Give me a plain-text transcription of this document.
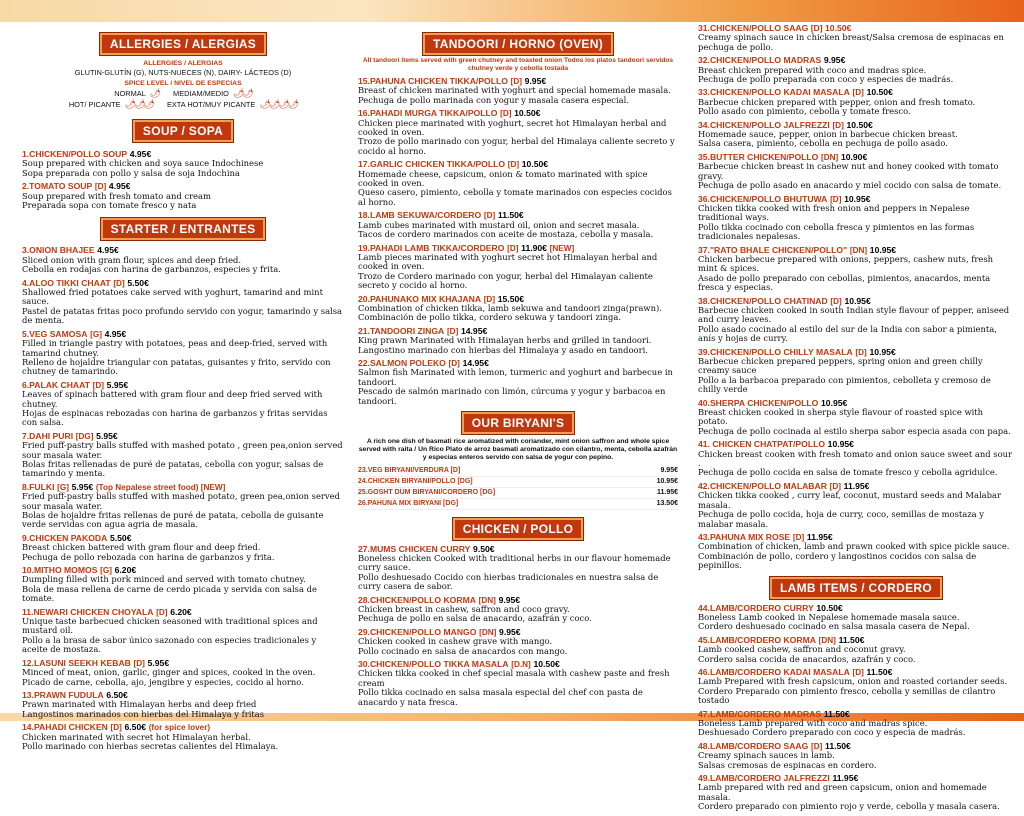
ALLERGIES / ALERGIAS
ALLERGIES / ALERGIAS
GLUTIN-GLUTÍN (G), NUTS-NUECES (N), DAIRY- LÁCTEOS (D)
SPICE LEVEL / NIVEL DE ESPECIAS
NORMAL 🌶 MEDIAM/MEDIO 🌶🌶
HOT/ PICANTE 🌶🌶🌶 EXTA HOT/MUY PICANTE 🌶🌶🌶🌶
SOUP / SOPA
1.CHICKEN/POLLO SOUP 4.95€
Soup prepared with chicken and soya sauce Indochinese
Sopa preparada con pollo y salsa de soja Indochina
2.TOMATO SOUP [D] 4.95€
Soup prepared with fresh tomato and cream
Preparada sopa con tomate fresco y nata
STARTER / ENTRANTES
3.ONION BHAJEE 4.95€
Sliced onion with gram flour, spices and deep fried.
Cebolla en rodajas con harina de garbanzos, especies y frita.
4.ALOO TIKKI CHAAT [D] 5.50€
Shallowed fried potatoes cake served with yoghurt, tamarind and mint sauce.
Pastel de patatas fritas poco profundo servido con yogur, tamarindo y salsa de menta.
5.VEG SAMOSA [G] 4.95€
Filled in triangle pastry with potatoes, peas and deep-fried, served with tamarind chutney.
Relleno de hojaldre triangular con patatas, guisantes y frito, servido con chutney de tamarindo.
6.PALAK CHAAT [D] 5.95€
Leaves of spinach battered with gram flour and deep fried served with chutney.
Hojas de espinacas rebozadas con harina de garbanzos y fritas servidas con salsa.
7.DAHI PURI [DG] 5.95€
Fried puff-pastry balls stuffed with mashed potato , green pea,onion served sour masala water.
Bolas fritas rellenadas de puré de patatas, cebolla con yogur, salsas de tamarindo y menta.
8.FULKI [G] 5.95€ (Top Nepalese street food) [NEW]
Fried puff-pastry balls stuffed with mashed potato, green pea,onion served sour masala water.
Bolas de hojaldre fritas rellenas de puré de patata, cebolla de guisante verde servidas con agua agria de masala.
9.CHICKEN PAKODA 5.50€
Breast chicken battered with gram flour and deep fried.
Pechuga de pollo rebozada con harina de garbanzos y frita.
10.MITHO MOMOS [G] 6.20€
Dumpling filled with pork minced and served with tomato chutney.
Bola de masa rellena de carne de cerdo picada y servida con salsa de tomate.
11.NEWARI CHICKEN CHOYALA [D] 6.20€
Unique taste barbecued chicken seasoned with traditional spices and mustard oil.
Pollo a la brasa de sabor único sazonado con especies tradicionales y aceite de mostaza.
12.LASUNI SEEKH KEBAB [D] 5.95€
Minced of meat, onion, garlic, ginger and spices, cooked in the oven.
Picado de carne, cebolla, ajo, jengibre y especies, cocido al horno.
13.PRAWN FUDULA 6.50€
Prawn marinated with Himalayan herbs and deep fried
Langostinos marinados con hierbas del Himalaya y fritas
14.PAHADI CHICKEN [D] 6.50€ (for spice lover)
Chicken marinated with secret hot Himalayan herbal.
Pollo marinado con hierbas secretas calientes del Himalaya.
TANDOORI / HORNO (OVEN)
All tandoori items served with green chutney and toasted onion Todos los platos tandoori servidos chutney verde y cebolla tostada
15.PAHUNA CHICKEN TIKKA/POLLO [D] 9.95€
Breast of chicken marinated with yoghurt and special homemade masala.
Pechuga de pollo marinada con yogur y masala casera especial.
16.PAHADI MURGA TIKKA/POLLO [D] 10.50€
Chicken piece marinated with yoghurt, secret hot Himalayan herbal and cooked in oven.
Trozo de pollo marinado con yogur, herbal del Himalaya caliente secreto y cocido al horno.
17.GARLIC CHICKEN TIKKA/POLLO [D] 10.50€
Homemade cheese, capsicum, onion & tomato marinated with spice cooked in oven.
Queso casero, pimiento, cebolla y tomate marinados con especies cocidos al horno.
18.LAMB SEKUWA/CORDERO [D] 11.50€
Lamb cubes marinated with mustard oil, onion and secret masala.
Tacos de cordero marinados con aceite de mostaza, cebolla y masala.
19.PAHADI LAMB TIKKA/CORDERO [D] 11.90€ [NEW]
Lamb pieces marinated with yoghurt secret hot Himalayan herbal and cooked in oven.
Trozo de Cordero marinado con yogur, herbal del Himalayan caliente secreto y cocido al horno.
20.PAHUNAKO MIX KHAJANA [D] 15.50€
Combination of chicken tikka, lamb sekuwa and tandoori zinga(prawn).
Combinación de pollo tikka, cordero sekuwa y tandoori zinga.
21.TANDOORI ZINGA [D] 14.95€
King prawn Marinated with Himalayan herbs and grilled in tandoori.
Langostino marinado con hierbas del Himalaya y asado en tandoori.
22.SALMON POLEKO [D] 14.95€
Salmon fish Marinated with lemon, turmeric and yoghurt and barbecue in tandoori.
Pescado de salmón marinado con limón, cúrcuma y yogur y barbacoa en tandoori.
OUR BIRYANI'S
A rich one dish of basmati rice aromatized with coriander, mint onion saffron and whole spice served with raita / Un Rico Plato de arroz basmati aromatizado con cilantro, menta, cebolla azafrán y especias enteros servido con salsa de yogur con pepino.
23.VEG BIRYANI/VERDURA [D]	9.95€
24.CHICKEN BIRYANI/POLLO [DG]	10.95€
25.GOSHT DUM BIRYANI/CORDERO [DG]	11.95€
26.PAHUNA MIX BIRYANI [DG]	13.50€
CHICKEN / POLLO
27.MUMS CHICKEN CURRY 9.50€
Boneless chicken Cooked with traditional herbs in our flavour homemade curry sauce.
Pollo deshuesado Cocido con hierbas tradicionales en nuestra salsa de curry casera de sabor.
28.CHICKEN/POLLO KORMA [DN] 9.95€
Chicken breast in cashew, saffron and coco gravy.
Pechuga de pollo en salsa de anacardo, azafrán y coco.
29.CHICKEN/POLLO MANGO [DN] 9.95€
Chicken cooked in cashew grave with mango.
Pollo cocinado en salsa de anacardos con mango.
30.CHICKEN/POLLO TIKKA MASALA [D.N] 10.50€
Chicken tikka cooked in chef special masala with cashew paste and fresh cream
Pollo tikka cocinado en salsa masala especial del chef con pasta de anacardo y nata fresca.
31.CHICKEN/POLLO SAAG [D] 10.50€
Creamy spinach sauce in chicken breast/Salsa cremosa de espinacas en pechuga de pollo.
32.CHICKEN/POLLO MADRAS 9.95€
Breast chicken prepared with coco and madras spice.
Pechuga de pollo preparada con coco y especies de madrás.
33.CHICKEN/POLLO KADAI MASALA [D] 10.50€
Barbecue chicken prepared with pepper, onion and fresh tomato.
Pollo asado con pimiento, cebolla y tomate fresco.
34.CHICKEN/POLLO JALFREZZI [D] 10.50€
Homemade sauce, pepper, onion in barbecue chicken breast.
Salsa casera, pimiento, cebolla en pechuga de pollo asado.
35.BUTTER CHICKEN/POLLO [DN] 10.90€
Barbecue chicken breast in cashew nut and honey cooked with tomato gravy.
Pechuga de pollo asado en anacardo y miel cocido con salsa de tomate.
36.CHICKEN/POLLO BHUTUWA [D] 10.95€
Chicken tikka cooked with fresh onion and peppers in Nepalese traditional ways.
Pollo tikka cocinado con cebolla fresca y pimientos en las formas tradicionales nepalesas.
37."RATO BHALE CHICKEN/POLLO" [DN] 10.95€
Chicken barbecue prepared with onions, peppers, cashew nuts, fresh mint & spices.
Asado de pollo preparado con cebollas, pimientos, anacardos, menta fresca y especias.
38.CHICKEN/POLLO CHATINAD [D] 10.95€
Barbecue chicken cooked in south Indian style flavour of pepper, aniseed and curry leaves.
Pollo asado cocinado al estilo del sur de la India con sabor a pimienta, anís y hojas de curry.
39.CHICKEN/POLLO CHILLY MASALA [D] 10.95€
Barbecue chicken prepared peppers, spring onion and green chilly creamy sauce
Pollo a la barbacoa preparado con pimientos, cebolleta y cremoso de chilly verde
40.SHERPA CHICKEN/POLLO 10.95€
Breast chicken cooked in sherpa style flavour of roasted spice with potato.
Pechuga de pollo cocinada al estilo sherpa sabor especia asada con papa.
41. CHICKEN CHATPAT/POLLO 10.95€
Chicken breast cooken with fresh tomato and onion sauce sweet and sour .
Pechuga de pollo cocida en salsa de tomate fresco y cebolla agridulce.
42.CHICKEN/POLLO MALABAR [D] 11.95€
Chicken tikka cooked , curry leaf, coconut, mustard seeds and Malabar masala.
Pechuga de pollo cocida, hoja de curry, coco, semillas de mostaza y malabar masala.
43.PAHUNA MIX ROSE [D] 11.95€
Combination of chicken, lamb and prawn cooked with spice pickle sauce.
Combinación de pollo, cordero y langostinos cocidos con salsa de pepinillos.
LAMB ITEMS / CORDERO
44.LAMB/CORDERO CURRY 10.50€
Boneless Lamb cooked in Nepalese homemade masala sauce.
Cordero deshuesado cocinado en salsa masala casera de Nepal.
45.LAMB/CORDERO KORMA [DN] 11.50€
Lamb cooked cashew, saffron and coconut gravy.
Cordero salsa cocida de anacardos, azafrán y coco.
46.LAMB/CORDERO KADAI MASALA [D] 11.50€
Lamb Prepared with fresh capsicum, onion and roasted coriander seeds.
Cordero Preparado con pimiento fresco, cebolla y semillas de cilantro tostado
47.LAMB/CORDERO MADRAS 11.50€
Boneless Lamb prepared with coco and madras spice.
Deshuesado Cordero preparado con coco y especia de madrás.
48.LAMB/CORDERO SAAG [D] 11.50€
Creamy spinach sauces in lamb.
Salsas cremosas de espinacas en cordero.
49.LAMB/CORDERO JALFREZZI 11.95€
Lamb prepared with red and green capsicum, onion and homemade masala.
Cordero preparado con pimiento rojo y verde, cebolla y masala casera.
